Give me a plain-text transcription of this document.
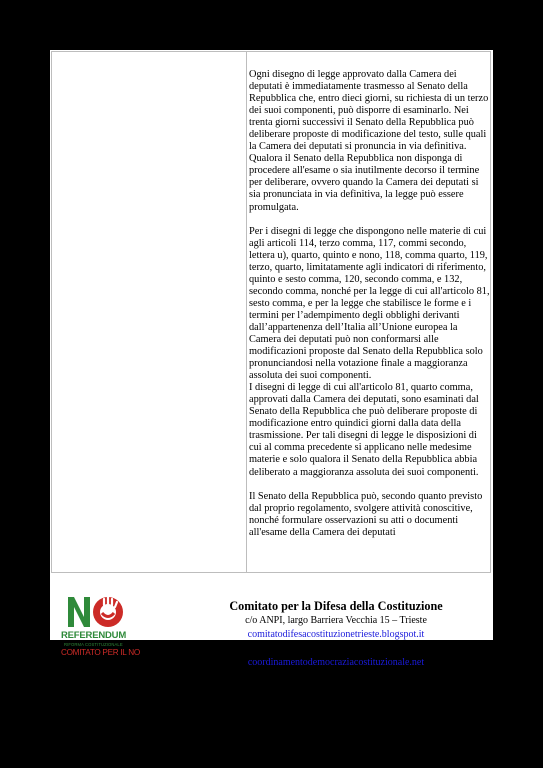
Ogni disegno di legge approvato dalla Camera dei deputati è immediatamente trasmesso al Senato della Repubblica che, entro dieci giorni, su richiesta di un terzo dei suoi componenti, può disporre di esaminarlo. Nei trenta giorni successivi il Senato della Repubblica può deliberare proposte di modificazione del testo, sulle quali la Camera dei deputati si pronuncia in via definitiva. Qualora il Senato della Repubblica non disponga di procedere all'esame o sia inutilmente decorso il termine per deliberare, ovvero quando la Camera dei deputati si sia pronunciata in via definitiva, la legge può essere promulgata.

Per i disegni di legge che dispongono nelle materie di cui agli articoli 114, terzo comma, 117, commi secondo, lettera u), quarto, quinto e nono, 118, comma quarto, 119, terzo, quarto, limitatamente agli indicatori di riferimento, quinto e sesto comma, 120, secondo comma, e 132, secondo comma, nonché per la legge di cui all'articolo 81, sesto comma, e per la legge che stabilisce le forme e i termini per l’adempimento degli obblighi derivanti dall’appartenenza dell’Italia all’Unione europea la Camera dei deputati può non conformarsi alle modificazioni proposte dal Senato della Repubblica solo pronunciandosi nella votazione finale a maggioranza assoluta dei suoi componenti.

I disegni di legge di cui all'articolo 81, quarto comma, approvati dalla Camera dei deputati, sono esaminati dal Senato della Repubblica che può deliberare proposte di modificazione entro quindici giorni dalla data della trasmissione. Per tali disegni di legge le disposizioni di cui al comma precedente si applicano nelle medesime materie e solo qualora il Senato della Repubblica abbia deliberato a maggioranza assoluta dei suoi componenti.

Il Senato della Repubblica può, secondo quanto previsto dal proprio regolamento, svolgere attività conoscitive, nonché formulare osservazioni su atti o documenti all'esame della Camera dei deputati

REFERENDUM
RIFORMA COSTITUZIONALE
COMITATO PER IL NO
Comitato per la Difesa della Costituzione
c/o ANPI, largo Barriera Vecchia 15 – Trieste
comitatodifesacostituzionetrieste.blogspot.it
Comitato locale del
coordinamentodemocraziacostituzionale.net
